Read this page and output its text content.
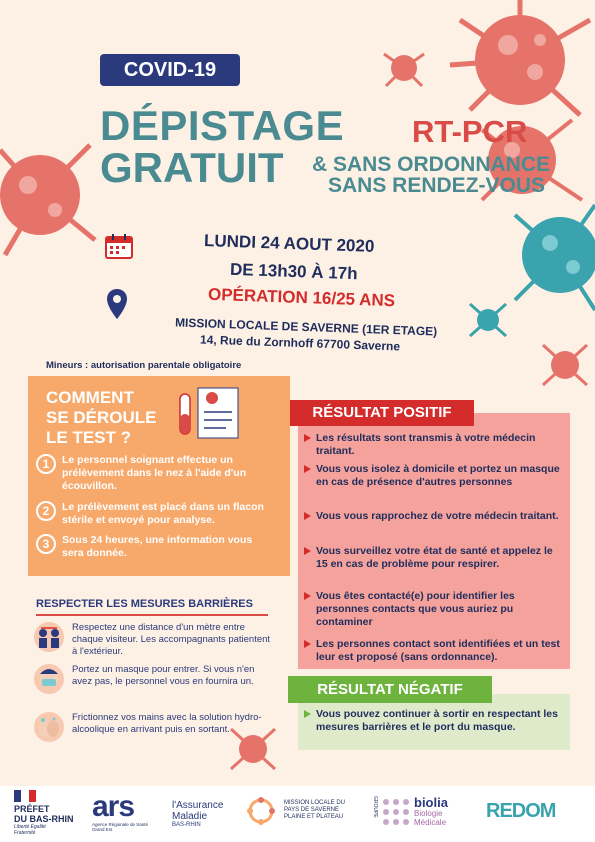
COVID-19
DÉPISTAGE
GRATUIT
RT-PCR
& SANS ORDONNANCE
SANS RENDEZ-VOUS
LUNDI 24 AOUT 2020
DE 13h30 À 17h
OPÉRATION 16/25 ANS
MISSION LOCALE DE SAVERNE (1ER ETAGE)
14, Rue du Zornhoff 67700 Saverne
Mineurs : autorisation parentale obligatoire
COMMENT
SE DÉROULE
LE TEST ?
1	Le personnel soignant effectue un prélèvement dans le nez à l'aide d'un écouvillon.
2	Le prélèvement est placé dans un flacon stérile et envoyé pour analyse.
3	Sous 24 heures, une information vous sera donnée.
RESPECTER LES MESURES BARRIÈRES
Respectez une distance d'un mètre entre chaque visiteur. Les accompagnants patientent à l'extérieur.
Portez un masque pour entrer. Si vous n'en avez pas, le personnel vous en fournira un.
Frictionnez vos mains avec la solution hydro-alcoolique en arrivant puis en sortant.
RÉSULTAT POSITIF
Les résultats sont transmis à votre médecin traitant.
Vous vous isolez à domicile et portez un masque en cas de présence d'autres personnes
Vous vous rapprochez de votre médecin traitant.
Vous surveillez votre état de santé et appelez le 15 en cas de problème pour respirer.
Vous êtes contacté(e) pour identifier les personnes contacts que vous auriez pu contaminer
Les personnes contact sont identifiées et un test leur est proposé (sans ordonnance).
RÉSULTAT NÉGATIF
Vous pouvez continuer à sortir en respectant les mesures barrières et le port du masque.
PRÉFET
DU BAS-RHIN
Liberté Égalité Fraternité
ars
Agence Régionale de Santé Grand Est
l'Assurance
Maladie
BAS-RHIN
MISSION LOCALE DU PAYS DE SAVERNE PLAINE ET PLATEAU	GROUPE	biolia
Biologie
Médicale
REDOM
